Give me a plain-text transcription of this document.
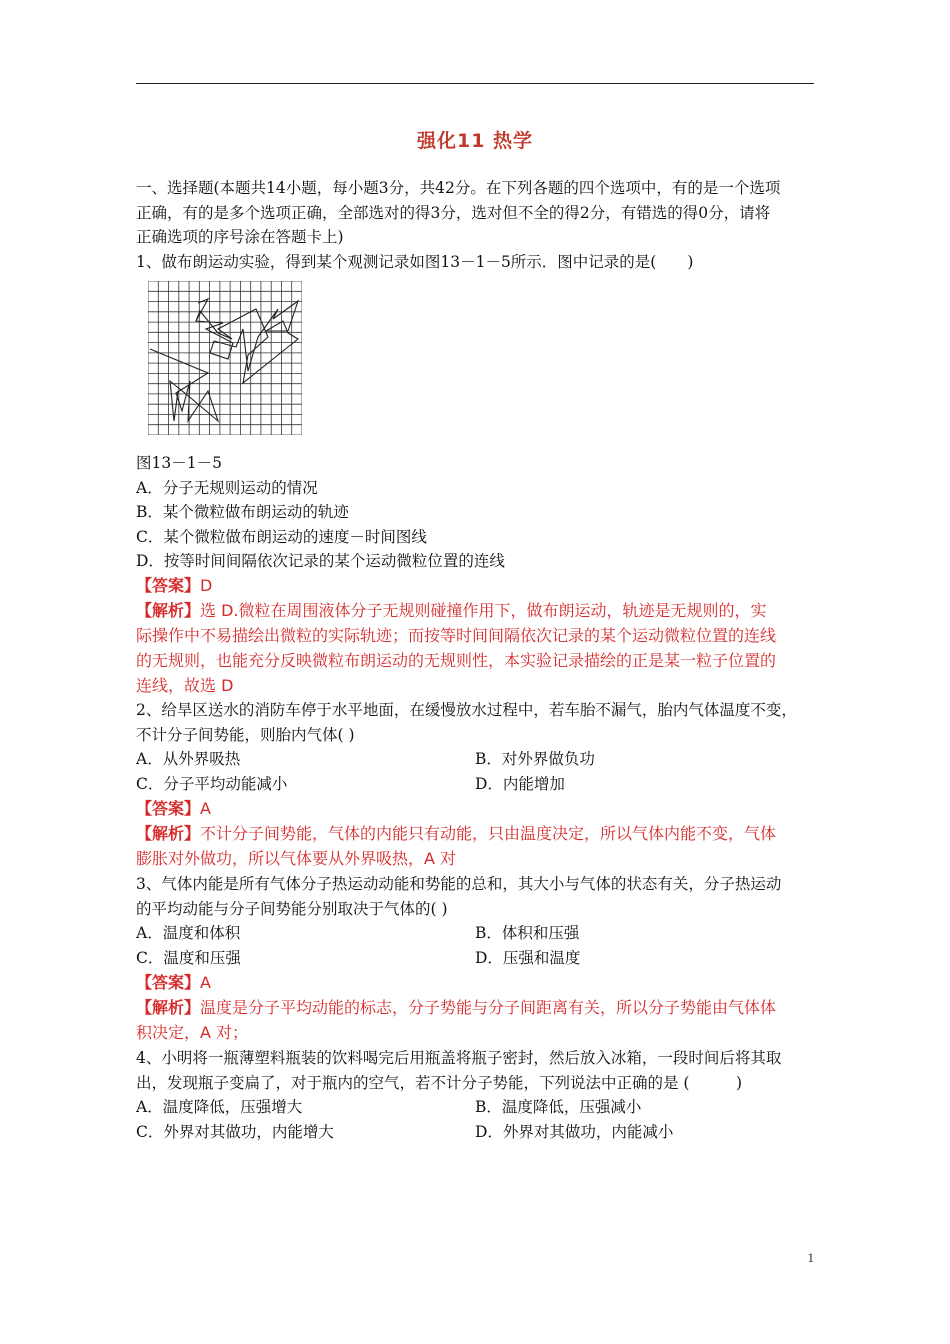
强化11 热学
一、选择题(本题共14小题，每小题3分，共42分。在下列各题的四个选项中，有的是一个选项
正确，有的是多个选项正确，全部选对的得3分，选对但不全的得2分，有错选的得0分，请将
正确选项的序号涂在答题卡上)
1、做布朗运动实验，得到某个观测记录如图13－1－5所示．图中记录的是(　　)
图13－1－5
A．分子无规则运动的情况
B．某个微粒做布朗运动的轨迹
C．某个微粒做布朗运动的速度－时间图线
D．按等时间间隔依次记录的某个运动微粒位置的连线
【答案】D
【解析】选 D.微粒在周围液体分子无规则碰撞作用下，做布朗运动，轨迹是无规则的，实
际操作中不易描绘出微粒的实际轨迹；而按等时间间隔依次记录的某个运动微粒位置的连线
的无规则，也能充分反映微粒布朗运动的无规则性，本实验记录描绘的正是某一粒子位置的
连线，故选 D
2、给旱区送水的消防车停于水平地面，在缓慢放水过程中，若车胎不漏气，胎内气体温度不变，
不计分子间势能，则胎内气体( )
A．从外界吸热	B．对外界做负功
C．分子平均动能减小	D．内能增加
【答案】A
【解析】不计分子间势能，气体的内能只有动能，只由温度决定，所以气体内能不变，气体
膨胀对外做功，所以气体要从外界吸热，A 对
3、气体内能是所有气体分子热运动动能和势能的总和，其大小与气体的状态有关，分子热运动
的平均动能与分子间势能分别取决于气体的( )
A．温度和体积	B．体积和压强
C．温度和压强	D．压强和温度
【答案】A
【解析】温度是分子平均动能的标志，分子势能与分子间距离有关，所以分子势能由气体体
积决定，A 对；
4、小明将一瓶薄塑料瓶装的饮料喝完后用瓶盖将瓶子密封，然后放入冰箱，一段时间后将其取
出，发现瓶子变扁了，对于瓶内的空气，若不计分子势能，下列说法中正确的是 (　　　)
A．温度降低，压强增大	B．温度降低，压强减小
C．外界对其做功，内能增大	D．外界对其做功，内能减小
1
